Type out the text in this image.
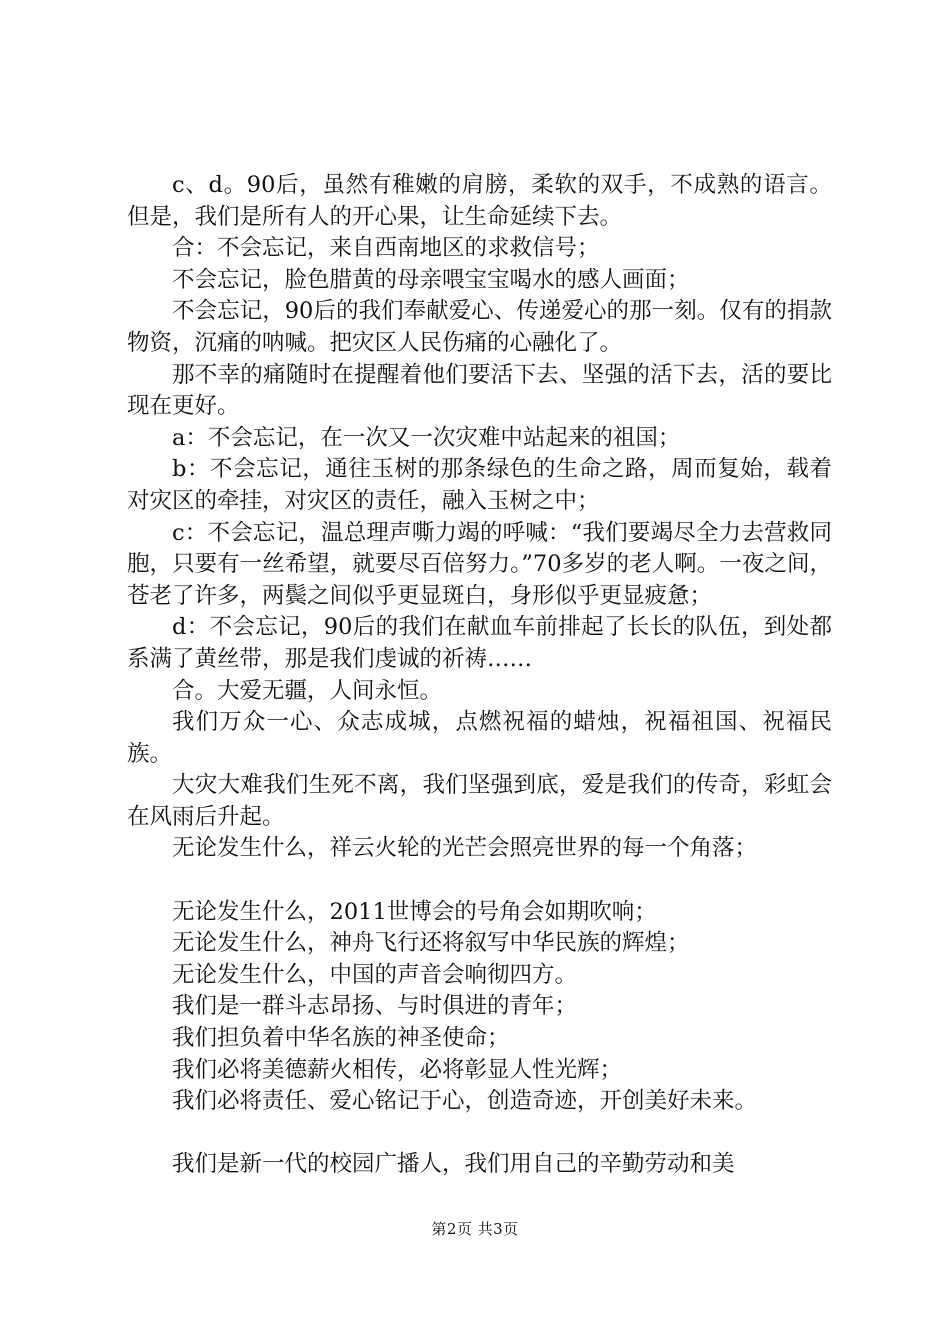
c、d。90后，虽然有稚嫩的肩膀，柔软的双手，不成熟的语言。但是，我们是所有人的开心果，让生命延续下去。

合：不会忘记，来自西南地区的求救信号；

不会忘记，脸色腊黄的母亲喂宝宝喝水的感人画面；

不会忘记，90后的我们奉献爱心、传递爱心的那一刻。仅有的捐款物资，沉痛的呐喊。把灾区人民伤痛的心融化了。

那不幸的痛随时在提醒着他们要活下去、坚强的活下去，活的要比现在更好。

a：不会忘记，在一次又一次灾难中站起来的祖国；

b：不会忘记，通往玉树的那条绿色的生命之路，周而复始，载着对灾区的牵挂，对灾区的责任，融入玉树之中；

c：不会忘记，温总理声嘶力竭的呼喊：“我们要竭尽全力去营救同胞，只要有一丝希望，就要尽百倍努力。”70多岁的老人啊。一夜之间，苍老了许多，两鬓之间似乎更显斑白，身形似乎更显疲惫；

d：不会忘记，90后的我们在献血车前排起了长长的队伍，到处都系满了黄丝带，那是我们虔诚的祈祷……

合。大爱无疆，人间永恒。

我们万众一心、众志成城，点燃祝福的蜡烛，祝福祖国、祝福民族。

大灾大难我们生死不离，我们坚强到底，爱是我们的传奇，彩虹会在风雨后升起。

无论发生什么，祥云火轮的光芒会照亮世界的每一个角落；

无论发生什么，2011世博会的号角会如期吹响；

无论发生什么，神舟飞行还将叙写中华民族的辉煌；

无论发生什么，中国的声音会响彻四方。

我们是一群斗志昂扬、与时俱进的青年；

我们担负着中华名族的神圣使命；

我们必将美德薪火相传，必将彰显人性光辉；

我们必将责任、爱心铭记于心，创造奇迹，开创美好未来。

我们是新一代的校园广播人，我们用自己的辛勤劳动和美

第2页 共3页
